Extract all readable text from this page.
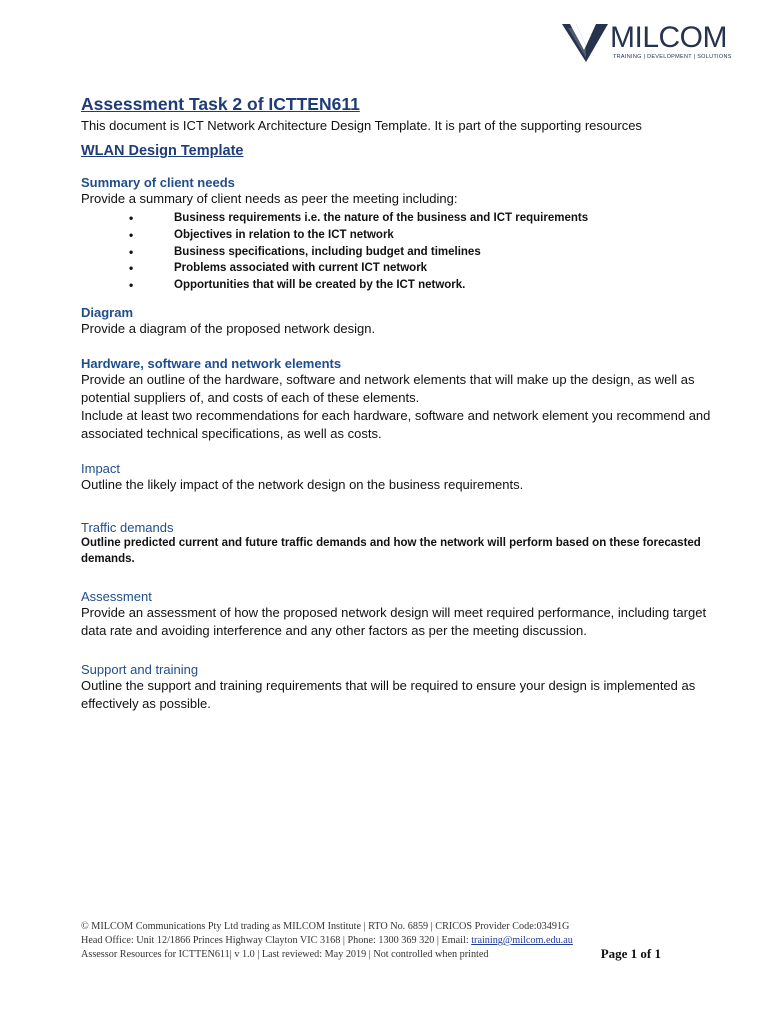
MILCOM
TRAINING | DEVELOPMENT | SOLUTIONS
Assessment Task 2 of ICTTEN611

This document is ICT Network Architecture Design Template. It is part of the supporting resources

WLAN Design Template

Summary of client needs

Provide a summary of client needs as peer the meeting including:

•	Business requirements i.e. the nature of the business and ICT requirements
•	Objectives in relation to the ICT network
•	Business specifications, including budget and timelines
•	Problems associated with current ICT network
•	Opportunities that will be created by the ICT network.

Diagram

Provide a diagram of the proposed network design.

Hardware, software and network elements

Provide an outline of the hardware, software and network elements that will make up the design, as well as potential suppliers of, and costs of each of these elements.

Include at least two recommendations for each hardware, software and network element you recommend and associated technical specifications, as well as costs.

Impact

Outline the likely impact of the network design on the business requirements.

Traffic demands

Outline predicted current and future traffic demands and how the network will perform based on these forecasted demands.

Assessment

Provide an assessment of how the proposed network design will meet required performance, including target data rate and avoiding interference and any other factors as per the meeting discussion.

Support and training

Outline the support and training requirements that will be required to ensure your design is implemented as effectively as possible.

© MILCOM Communications Pty Ltd trading as MILCOM Institute | RTO No. 6859 | CRICOS Provider Code:03491G
Head Office: Unit 12/1866 Princes Highway Clayton VIC 3168 | Phone: 1300 369 320 | Email: training@milcom.edu.au
Assessor Resources for ICTTEN611| v 1.0 | Last reviewed: May 2019 | Not controlled when printed	Page 1 of 1
